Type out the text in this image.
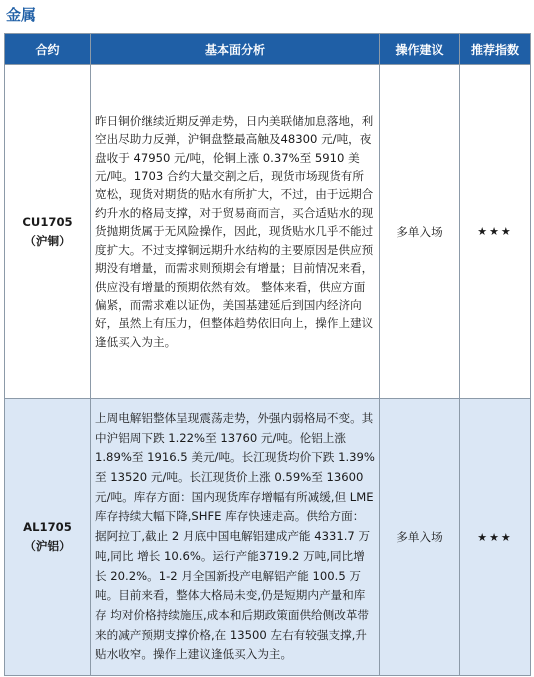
金属
合约	基本面分析	操作建议	推荐指数

CU1705
（沪铜）	昨日铜价继续近期反弹走势，日内美联储加息落地，利空出尽助力反弹，沪铜盘整最高触及48300 元/吨，夜盘收于 47950 元/吨，伦铜上涨 0.37%至 5910 美元/吨。1703 合约大量交割之后，现货市场现货有所宽松，现货对期货的贴水有所扩大，不过，由于远期合约升水的格局支撑，对于贸易商而言，买合适贴水的现货抛期货属于无风险操作，因此，现货贴水几乎不能过度扩大。不过支撑铜远期升水结构的主要原因是供应预期没有增量，而需求则预期会有增量；目前情况来看，供应没有增量的预期依然有效。 整体来看，供应方面偏紧，而需求难以证伪，美国基建延后到国内经济向好，虽然上有压力，但整体趋势依旧向上，操作上建议逢低买入为主。	多单入场	★★★

AL1705
（沪铝）	上周电解铝整体呈现震荡走势，外强内弱格局不变。其中沪铝周下跌 1.22%至 13760 元/吨。伦铝上涨 1.89%至 1916.5 美元/吨。长江现货均价下跌 1.39%至 13520 元/吨。长江现货价上涨 0.59%至 13600 元/吨。库存方面：国内现货库存增幅有所减缓,但 LME 库存持续大幅下降,SHFE 库存快速走高。供给方面：据阿拉丁,截止 2 月底中国电解铝建成产能 4331.7 万吨,同比 增长 10.6%。运行产能3719.2 万吨,同比增长 20.2%。1-2 月全国新投产电解铝产能 100.5 万吨。目前来看，整体大格局未变,仍是短期内产量和库存 均对价格持续施压,成本和后期政策面供给侧改革带来的减产预期支撑价格,在 13500 左右有较强支撑,升贴水收窄。操作上建议逢低买入为主。	多单入场	★★★
